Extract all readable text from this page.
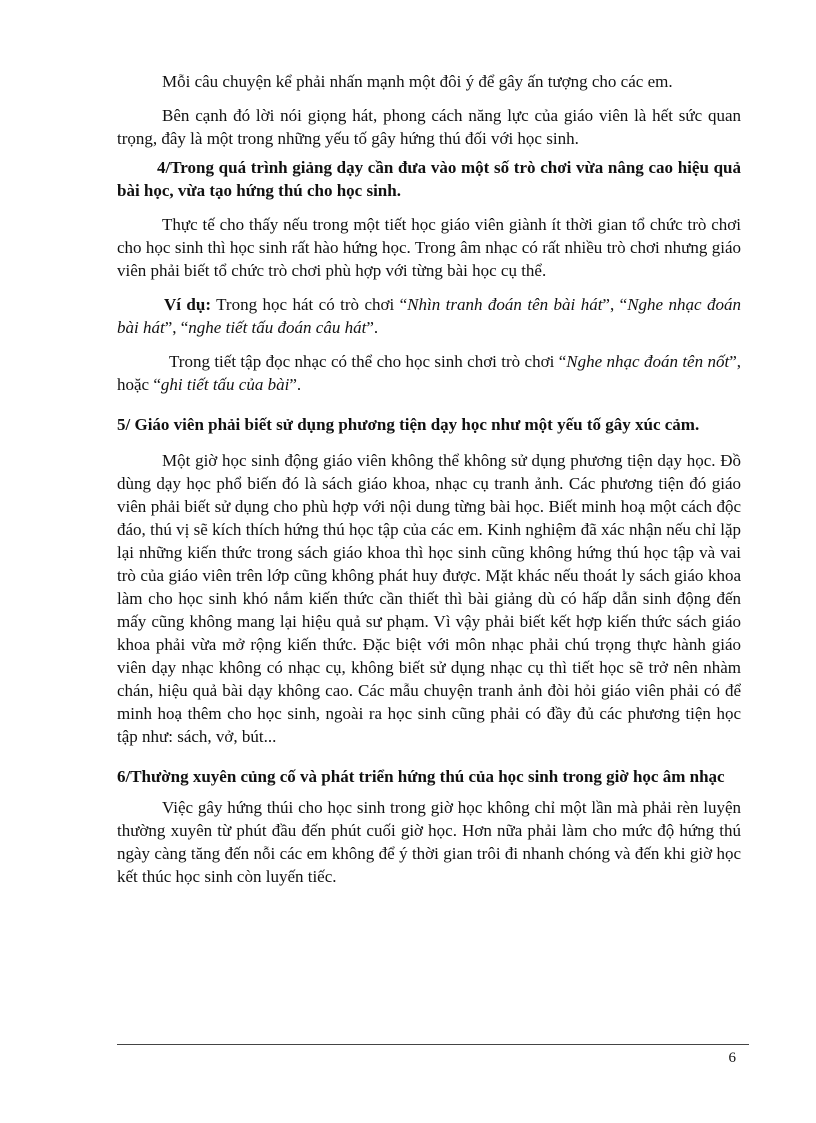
Mỗi câu chuyện kể phải nhấn mạnh một đôi ý để gây ấn tượng cho các em.

Bên cạnh đó lời nói giọng hát, phong cách năng lực của giáo viên là hết sức quan trọng, đây là một trong những yếu tố gây hứng thú đối với học sinh.

4/Trong quá trình giảng dạy cần đưa vào một số trò chơi vừa nâng cao hiệu quả bài học, vừa tạo hứng thú cho học sinh.

Thực tế cho thấy nếu trong một tiết học giáo viên giành ít thời gian tổ chức trò chơi cho học sinh thì học sinh rất hào hứng học. Trong âm nhạc có rất nhiều trò chơi nhưng giáo viên phải biết tổ chức trò chơi phù hợp với từng bài học cụ thể.

Ví dụ: Trong học hát có trò chơi “Nhìn tranh đoán tên bài hát”, “Nghe nhạc đoán bài hát”, “nghe tiết tấu đoán câu hát”.

Trong tiết tập đọc nhạc có thể cho học sinh chơi trò chơi “Nghe nhạc đoán tên nốt”, hoặc “ghi tiết tấu của bài”.

5/ Giáo viên phải biết sử dụng phương tiện dạy học như một yếu tố gây xúc cảm.

Một giờ học sinh động giáo viên không thể không sử dụng phương tiện dạy học. Đồ dùng dạy học phổ biến đó là sách giáo khoa, nhạc cụ tranh ảnh. Các phương tiện đó giáo viên phải biết sử dụng cho phù hợp với nội dung từng bài học. Biết minh hoạ một cách độc đáo, thú vị sẽ kích thích hứng thú học tập của các em. Kinh nghiệm đã xác nhận nếu chỉ lặp lại những kiến thức trong sách giáo khoa thì học sinh cũng không hứng thú học tập và vai trò của giáo viên trên lớp cũng không phát huy được. Mặt khác nếu thoát ly sách giáo khoa làm cho học sinh khó nắm kiến thức cần thiết thì bài giảng dù có hấp dẫn sinh động đến mấy cũng không mang lại hiệu quả sư phạm. Vì vậy phải biết kết hợp kiến thức sách giáo khoa phải vừa mở rộng kiến thức. Đặc biệt với môn nhạc phải chú trọng thực hành giáo viên dạy nhạc không có nhạc cụ, không biết sử dụng nhạc cụ thì tiết học sẽ trở nên nhàm chán, hiệu quả bài dạy không cao. Các mẫu chuyện tranh ảnh đòi hỏi giáo viên phải có để minh hoạ thêm cho học sinh, ngoài ra học sinh cũng phải có đầy đủ các phương tiện học tập như: sách, vở, bút...

6/Thường xuyên củng cố và phát triển hứng thú của học sinh trong giờ học âm nhạc

Việc gây hứng thúi cho học sinh trong giờ học không chỉ một lần mà phải rèn luyện thường xuyên từ phút đầu đến phút cuối giờ học. Hơn nữa phải làm cho mức độ hứng thú ngày càng tăng đến nỗi các em không để ý thời gian trôi đi nhanh chóng và đến khi giờ học kết thúc học sinh còn luyến tiếc.

6
